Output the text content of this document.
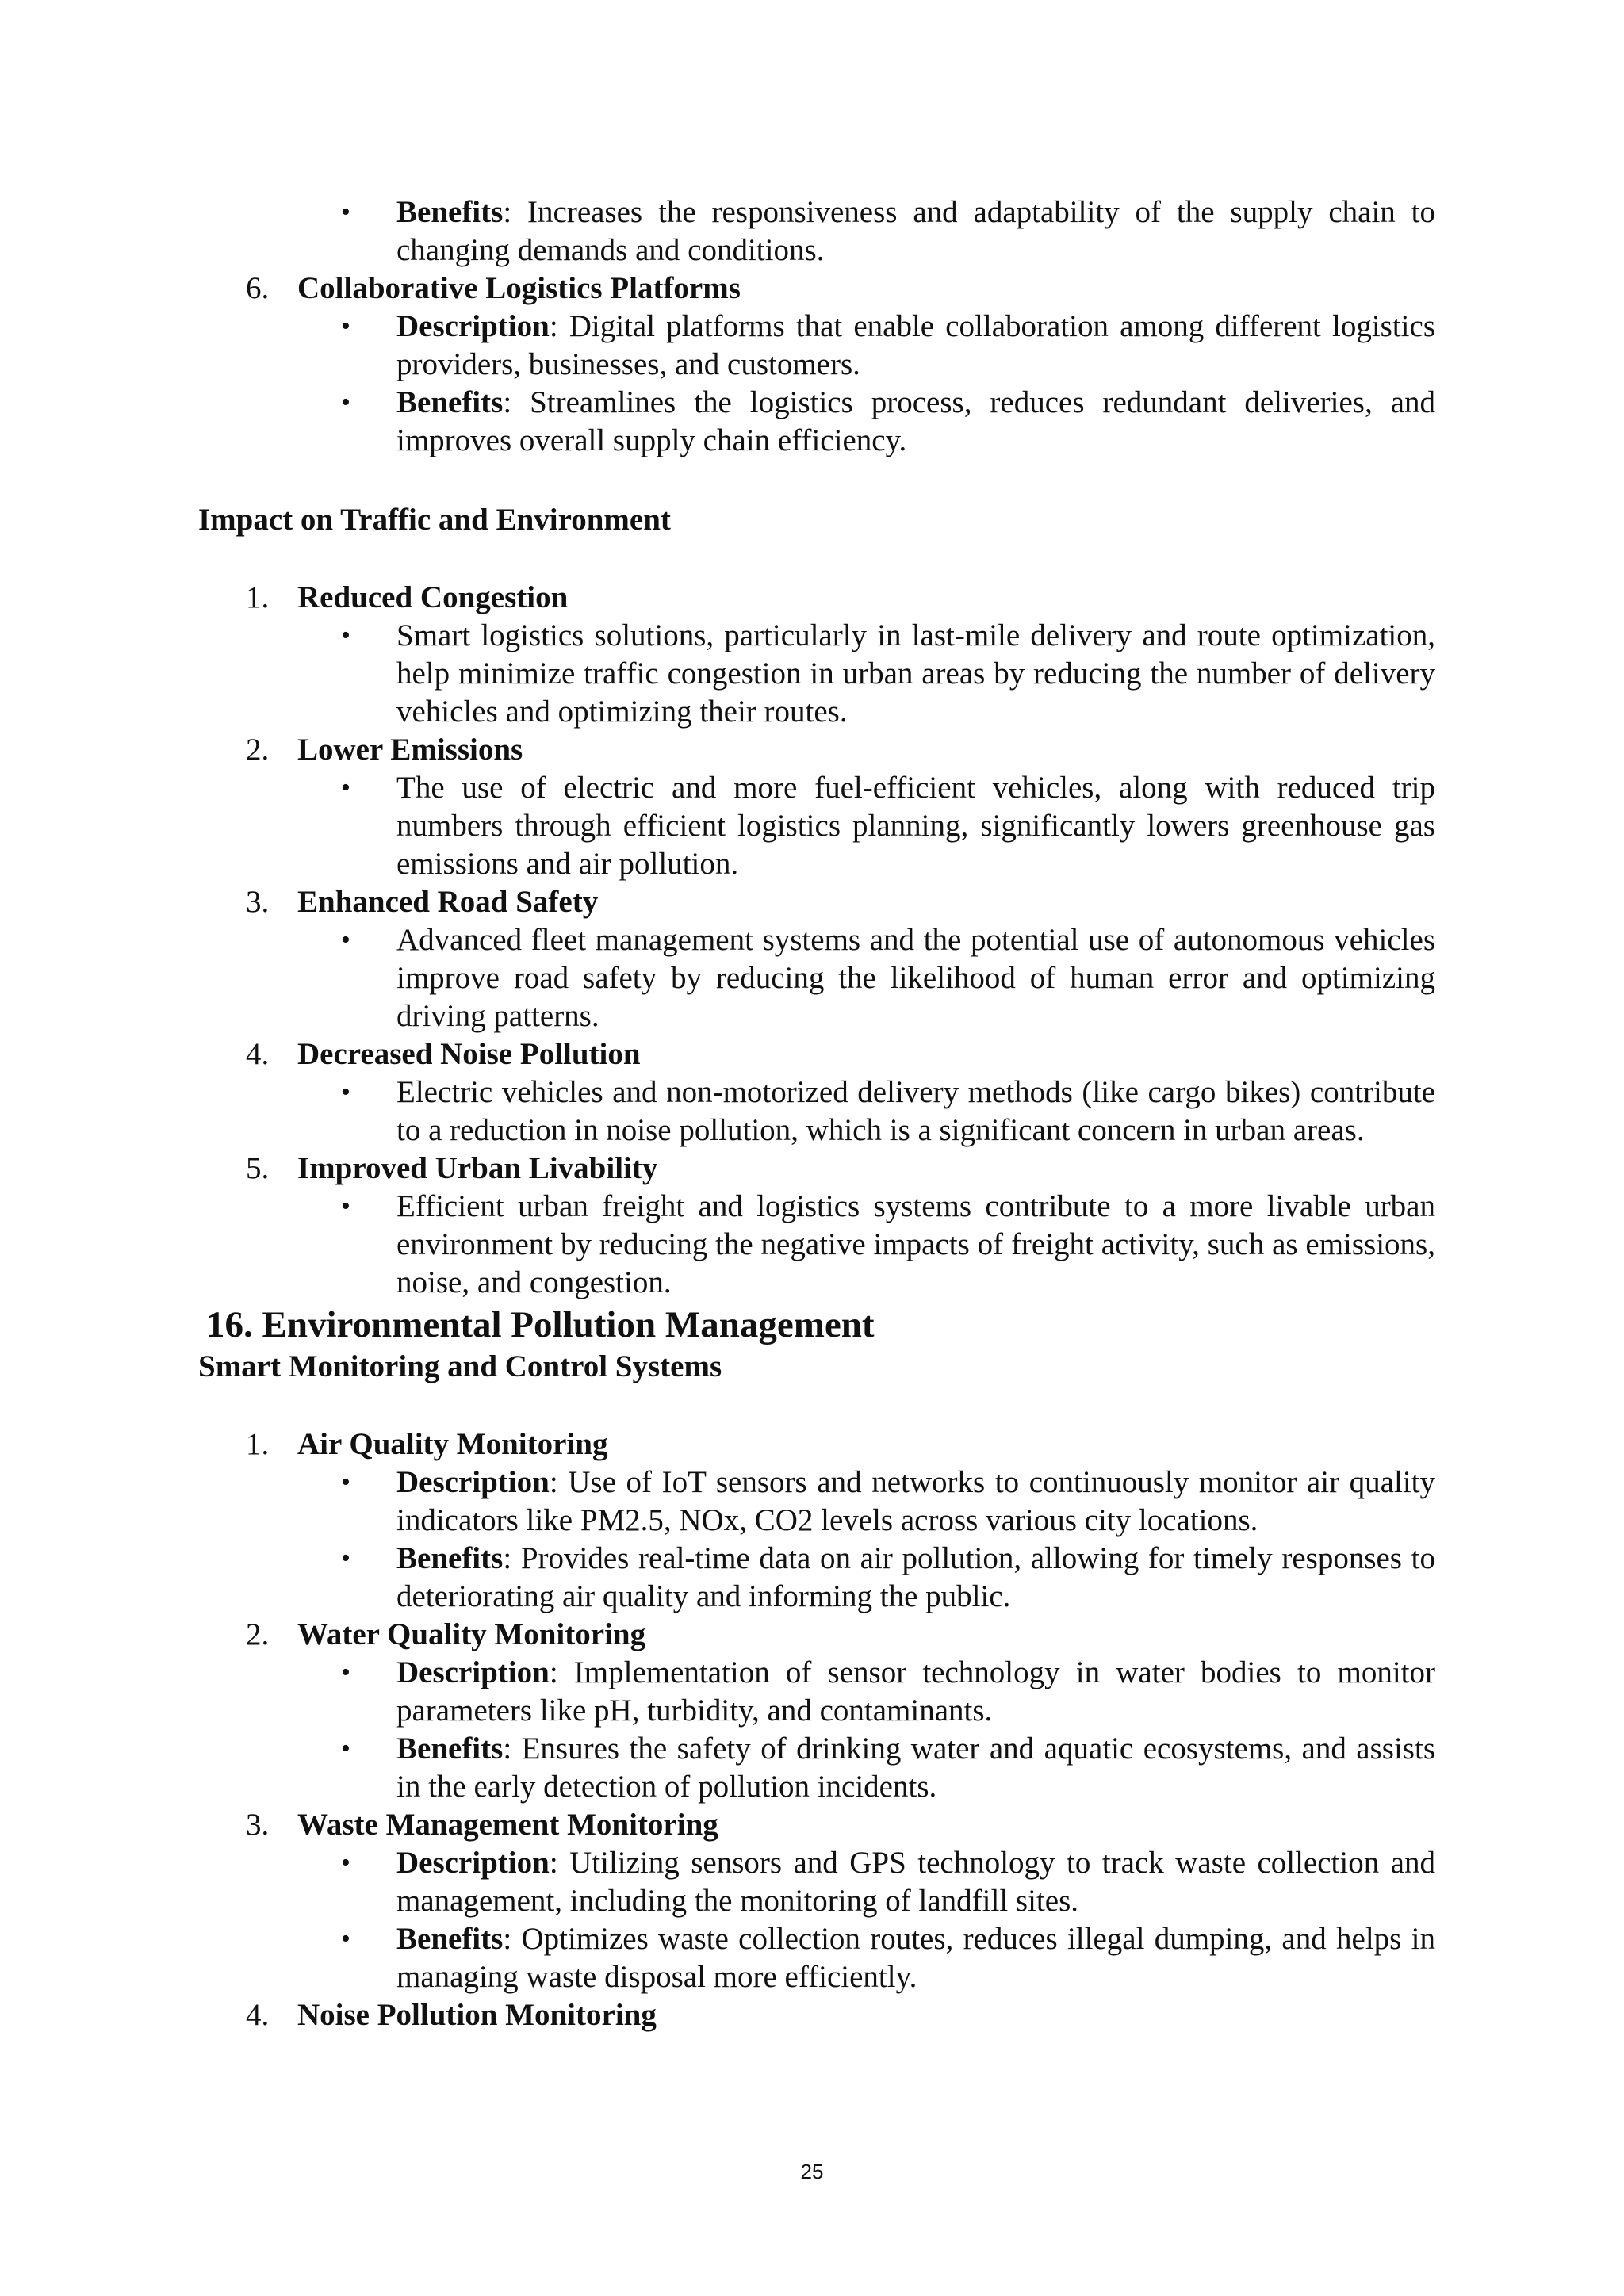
• Benefits: Increases the responsiveness and adaptability of the supply chain to changing demands and conditions.
6. Collaborative Logistics Platforms
• Description: Digital platforms that enable collaboration among different logistics providers, businesses, and customers.
• Benefits: Streamlines the logistics process, reduces redundant deliveries, and improves overall supply chain efficiency.
Impact on Traffic and Environment
1. Reduced Congestion
• Smart logistics solutions, particularly in last-mile delivery and route optimization, help minimize traffic congestion in urban areas by reducing the number of delivery vehicles and optimizing their routes.
2. Lower Emissions
• The use of electric and more fuel-efficient vehicles, along with reduced trip numbers through efficient logistics planning, significantly lowers greenhouse gas emissions and air pollution.
3. Enhanced Road Safety
• Advanced fleet management systems and the potential use of autonomous vehicles improve road safety by reducing the likelihood of human error and optimizing driving patterns.
4. Decreased Noise Pollution
• Electric vehicles and non-motorized delivery methods (like cargo bikes) contribute to a reduction in noise pollution, which is a significant concern in urban areas.
5. Improved Urban Livability
• Efficient urban freight and logistics systems contribute to a more livable urban environment by reducing the negative impacts of freight activity, such as emissions, noise, and congestion.
16. Environmental Pollution Management
Smart Monitoring and Control Systems
1. Air Quality Monitoring
• Description: Use of IoT sensors and networks to continuously monitor air quality indicators like PM2.5, NOx, CO2 levels across various city locations.
• Benefits: Provides real-time data on air pollution, allowing for timely responses to deteriorating air quality and informing the public.
2. Water Quality Monitoring
• Description: Implementation of sensor technology in water bodies to monitor parameters like pH, turbidity, and contaminants.
• Benefits: Ensures the safety of drinking water and aquatic ecosystems, and assists in the early detection of pollution incidents.
3. Waste Management Monitoring
• Description: Utilizing sensors and GPS technology to track waste collection and management, including the monitoring of landfill sites.
• Benefits: Optimizes waste collection routes, reduces illegal dumping, and helps in managing waste disposal more efficiently.
4. Noise Pollution Monitoring
25
